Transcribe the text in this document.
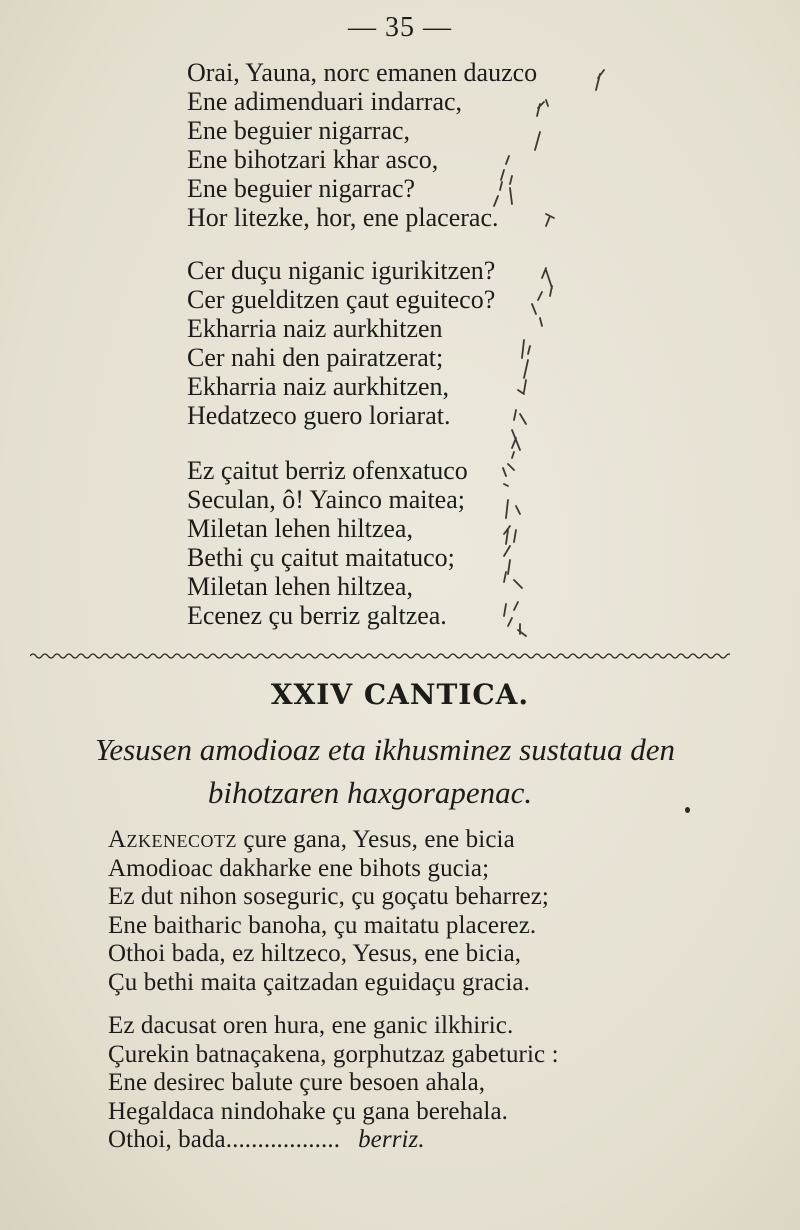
— 35 —
Orai, Yauna, norc emanen dauzco
Ene adimenduari indarrac,
Ene beguier nigarrac,
Ene bihotzari khar asco,
Ene beguier nigarrac?
Hor litezke, hor, ene placerac.
Cer duçu niganic igurikitzen?
Cer guelditzen çaut eguiteco?
Ekharria naiz aurkhitzen
Cer nahi den pairatzerat;
Ekharria naiz aurkhitzen,
Hedatzeco guero loriarat.
Ez çaitut berriz ofenxatuco
Seculan, ô! Yainco maitea;
Miletan lehen hiltzea,
Bethi çu çaitut maitatuco;
Miletan lehen hiltzea,
Ecenez çu berriz galtzea.
XXIV CANTICA.
Yesusen amodioaz eta ikhusminez sustatua den
bihotzaren haxgorapenac.
Azkenecotz çure gana, Yesus, ene bicia
Amodioac dakharke ene bihots gucia;
Ez dut nihon soseguric, çu goçatu beharrez;
Ene baitharic banoha, çu maitatu placerez.
Othoi bada, ez hiltzeco, Yesus, ene bicia,
Çu bethi maita çaitzadan eguidaçu gracia.
Ez dacusat oren hura, ene ganic ilkhiric.
Çurekin batnaçakena, gorphutzaz gabeturic :
Ene desirec balute çure besoen ahala,
Hegaldaca nindohake çu gana berehala.
Othoi, bada.................. berriz.
